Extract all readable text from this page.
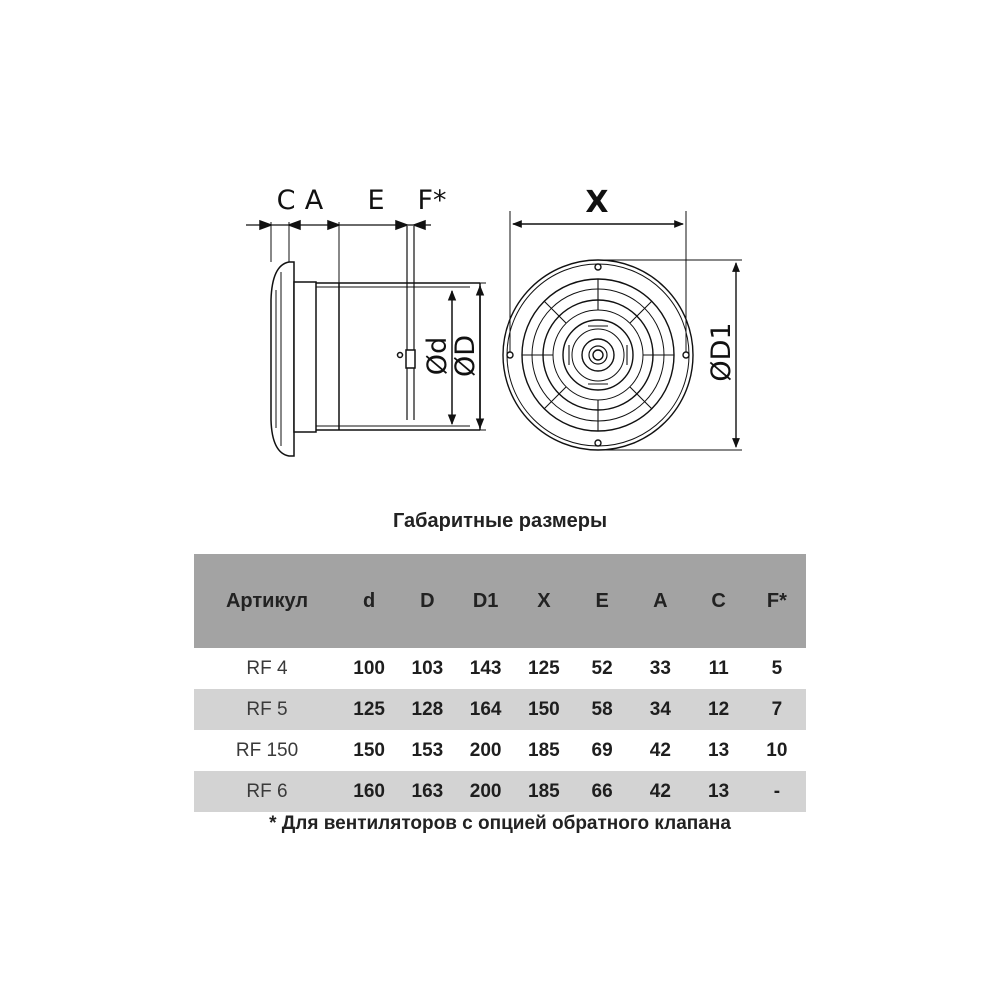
C A E F*
Ød
ØD
X
ØD1
Габаритные размеры
Артикул	d	D	D1	X	E	A	C	F*
RF 4	100	103	143	125	52	33	11	5
RF 5	125	128	164	150	58	34	12	7
RF 150	150	153	200	185	69	42	13	10
RF 6	160	163	200	185	66	42	13	-
* Для вентиляторов с опцией обратного клапана
